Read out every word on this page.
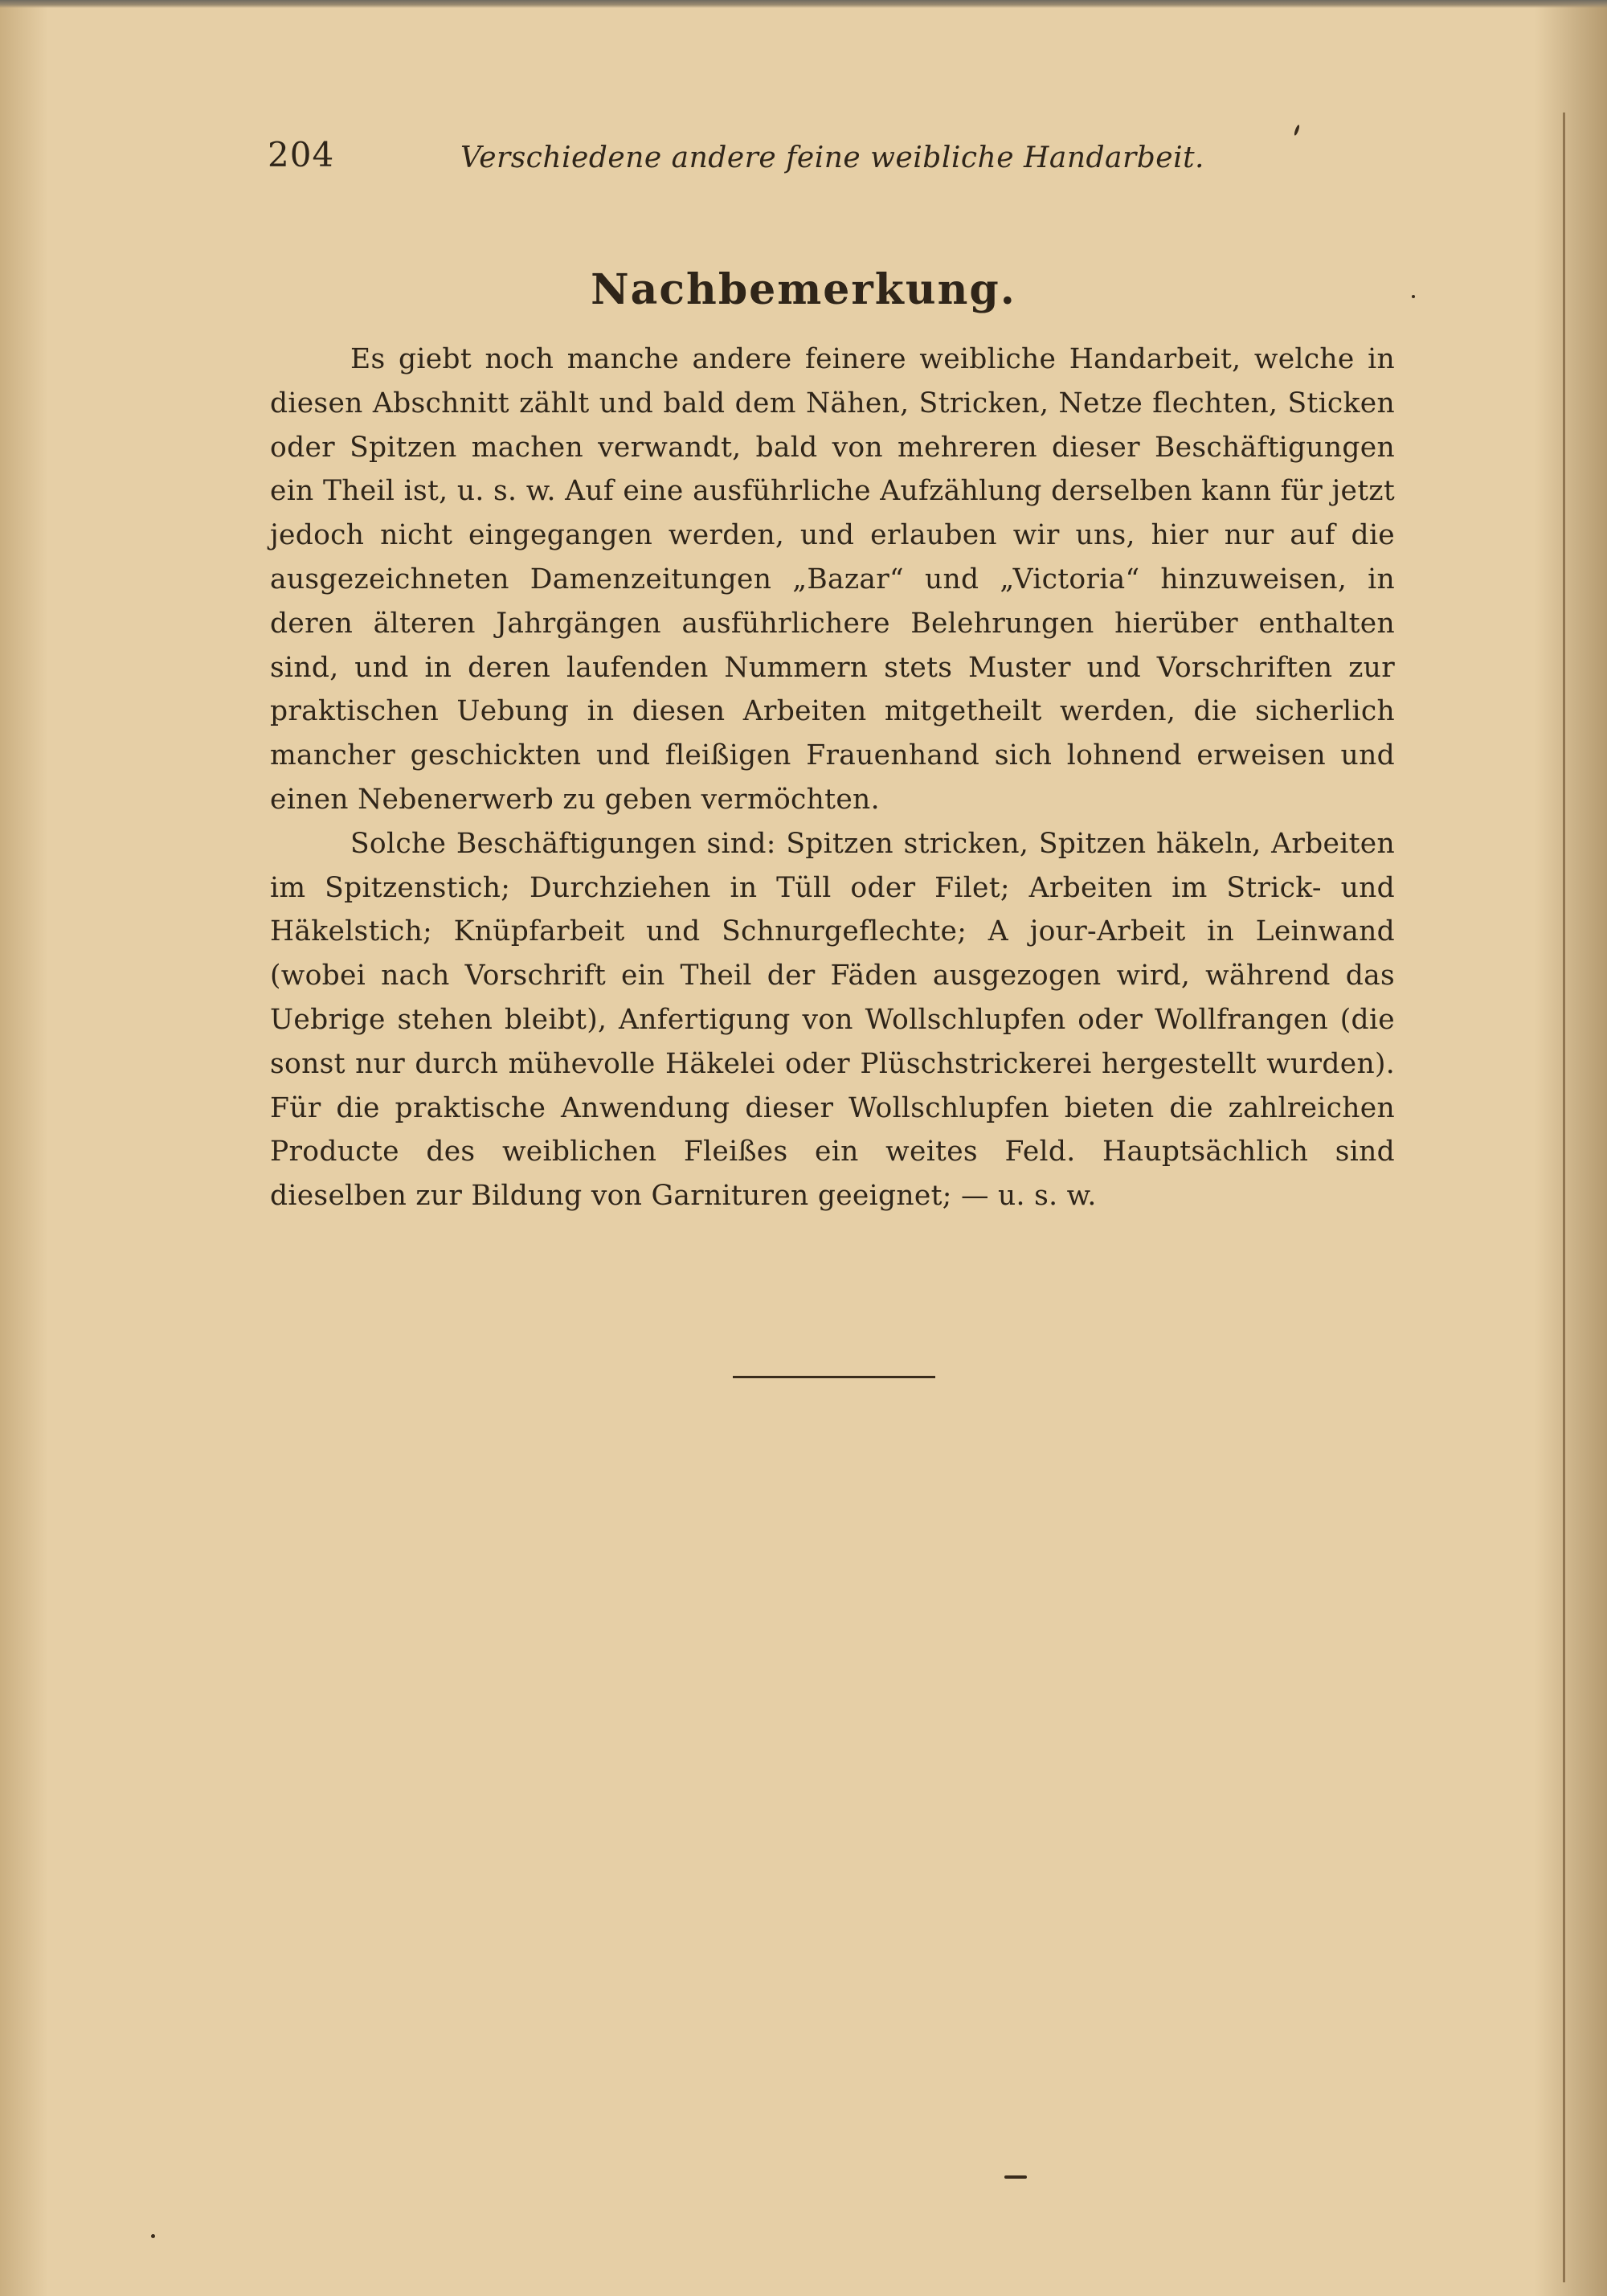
204	Verschiedene andere feine weibliche Handarbeit.
Nachbemerkung.

Es giebt noch manche andere feinere weibliche Handarbeit, welche in diesen Abschnitt zählt und bald dem Nähen, Stricken, Netze flechten, Sticken oder Spitzen machen verwandt, bald von mehreren dieser Beschäftigungen ein Theil ist, u. s. w. Auf eine ausführliche Aufzählung derselben kann für jetzt jedoch nicht eingegangen werden, und erlauben wir uns, hier nur auf die ausgezeichneten Damenzeitungen „Bazar“ und „Victoria“ hinzuweisen, in deren älteren Jahrgängen ausführlichere Belehrungen hierüber enthalten sind, und in deren laufenden Nummern stets Muster und Vorschriften zur praktischen Uebung in diesen Arbeiten mitgetheilt werden, die sicherlich mancher geschickten und fleißigen Frauenhand sich lohnend erweisen und einen Nebenerwerb zu geben vermöchten.

Solche Beschäftigungen sind: Spitzen stricken, Spitzen häkeln, Arbeiten im Spitzenstich; Durchziehen in Tüll oder Filet; Arbeiten im Strick- und Häkelstich; Knüpfarbeit und Schnurgeflechte; A jour-Arbeit in Leinwand (wobei nach Vorschrift ein Theil der Fäden ausgezogen wird, während das Uebrige stehen bleibt), Anfertigung von Wollschlupfen oder Wollfrangen (die sonst nur durch mühevolle Häkelei oder Plüschstrickerei hergestellt wurden). Für die praktische Anwendung dieser Wollschlupfen bieten die zahlreichen Producte des weiblichen Fleißes ein weites Feld. Hauptsächlich sind dieselben zur Bildung von Garnituren geeignet; — u. s. w.
